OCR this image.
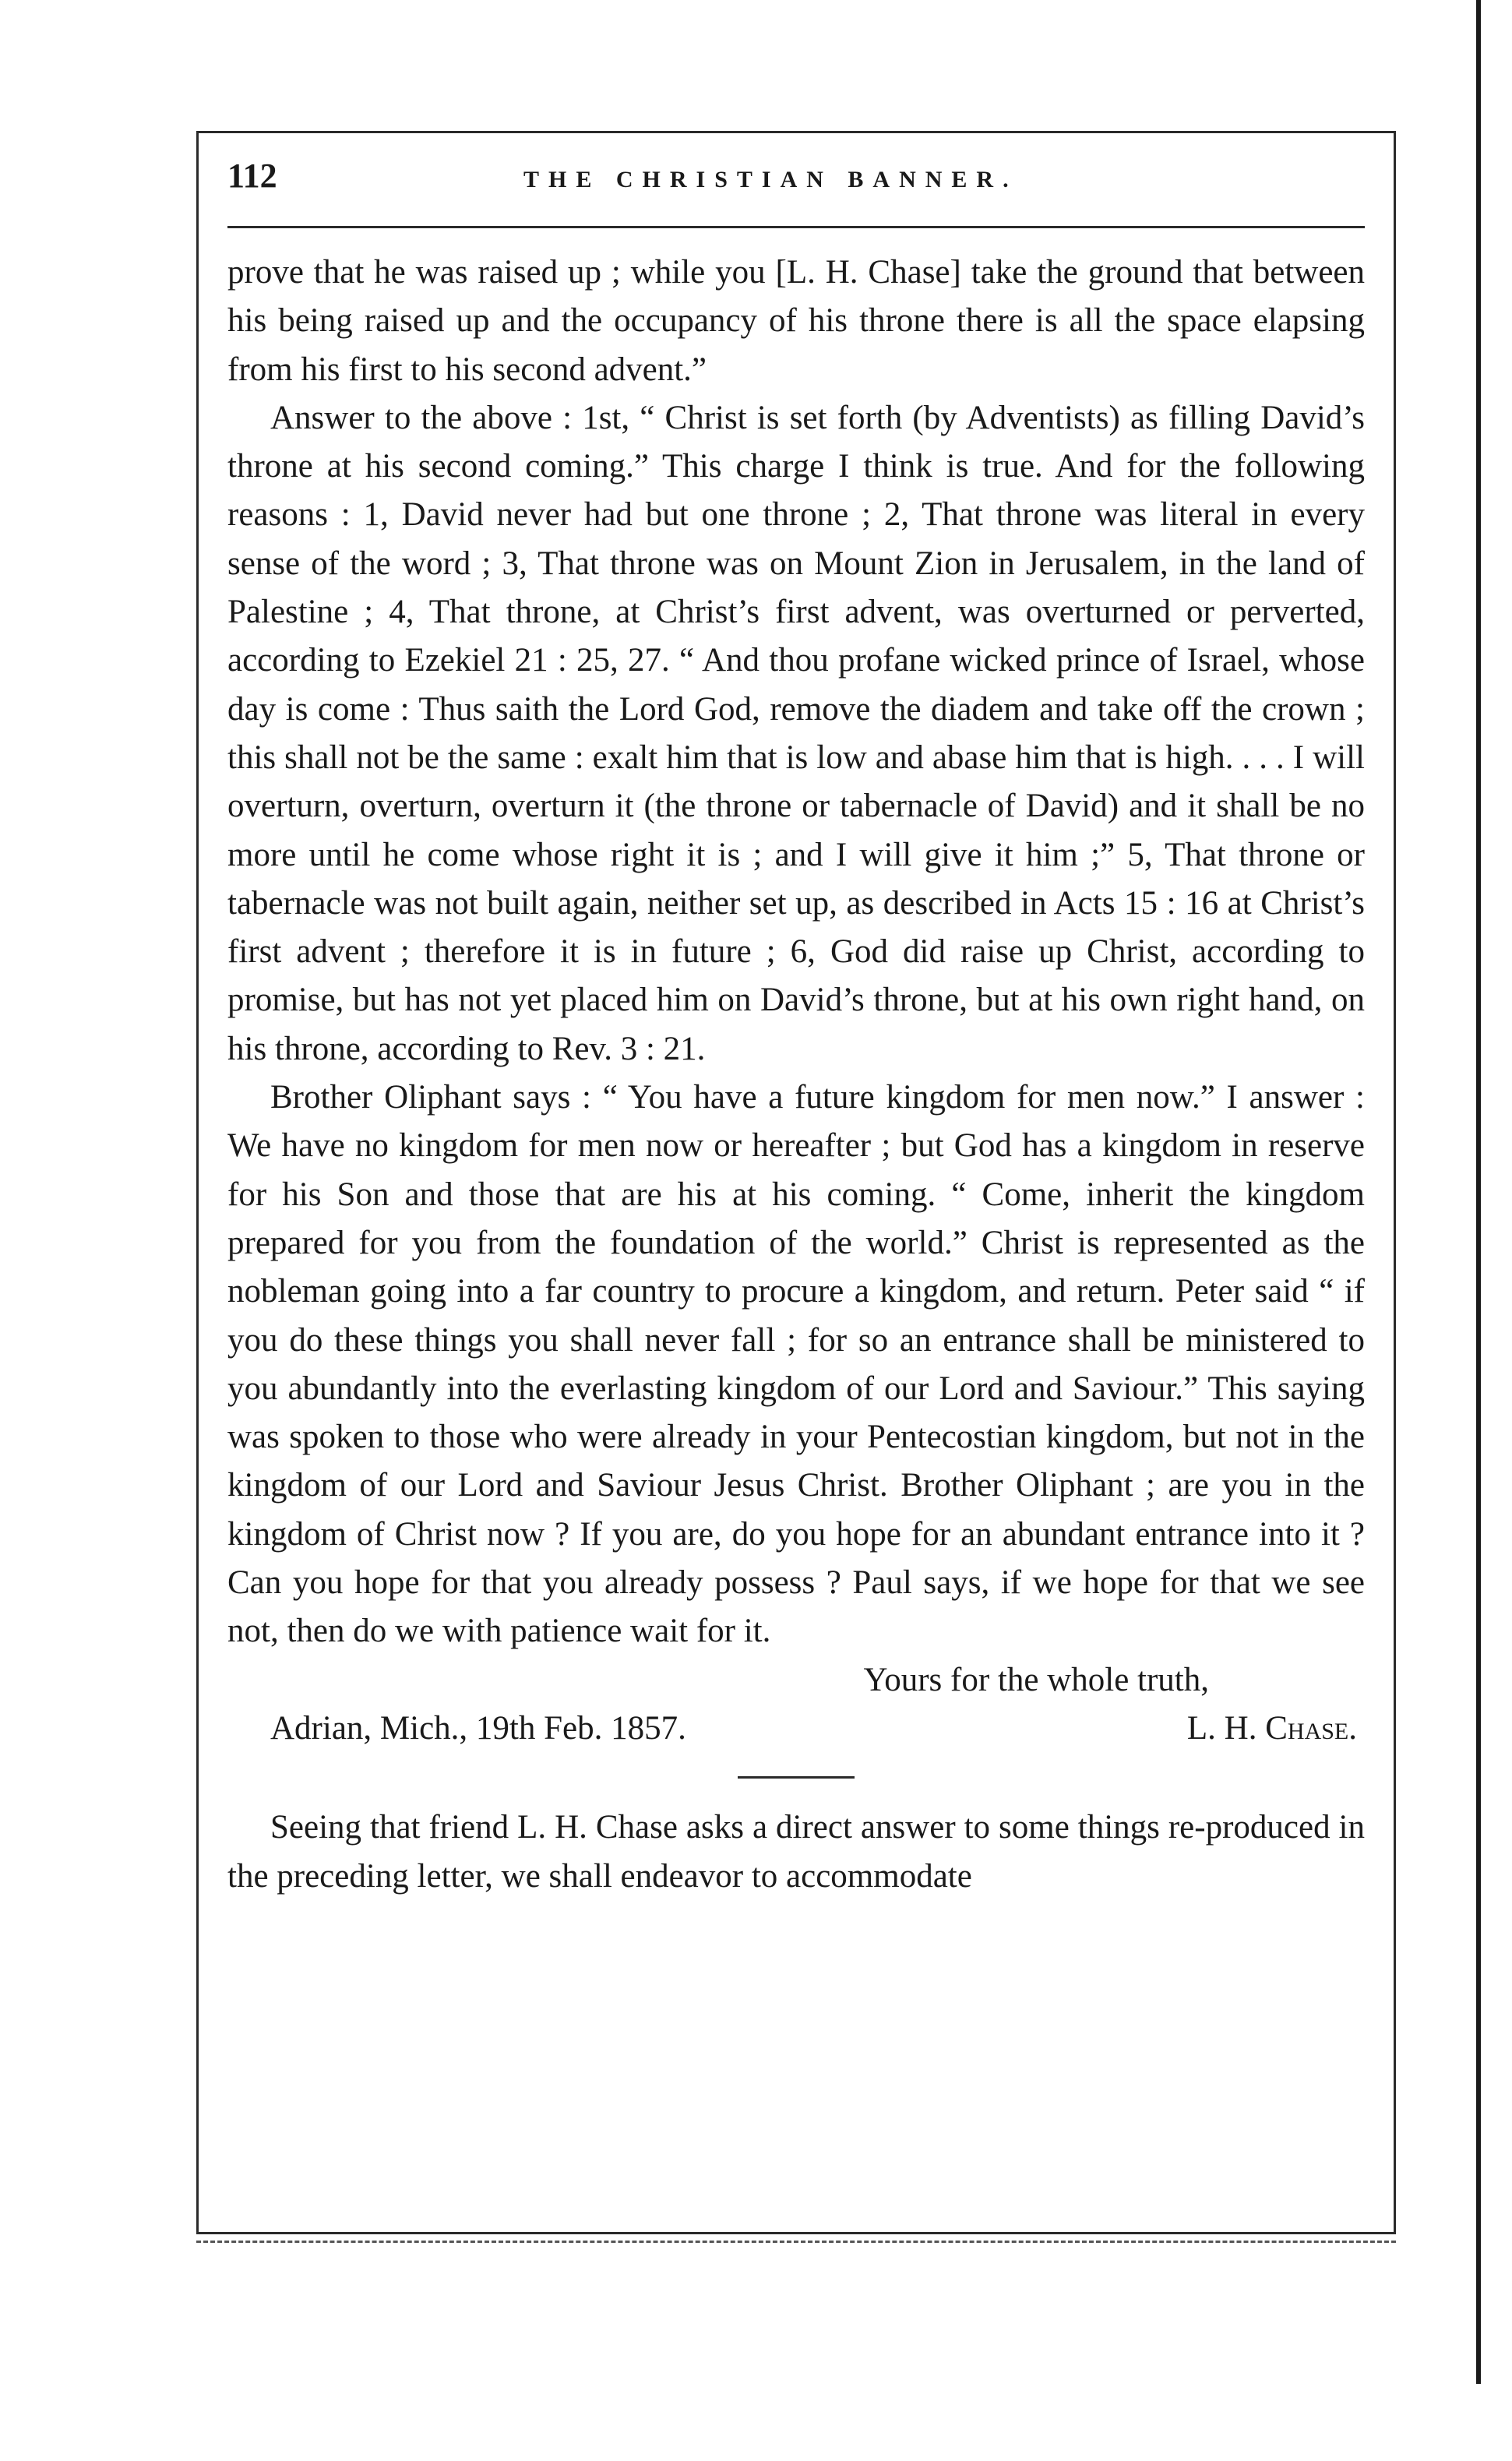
112	THE CHRISTIAN BANNER.

prove that he was raised up ; while you [L. H. Chase] take the ground that between his being raised up and the occupancy of his throne there is all the space elapsing from his first to his second advent.”

Answer to the above : 1st, “ Christ is set forth (by Adventists) as filling David’s throne at his second coming.” This charge I think is true. And for the following reasons : 1, David never had but one throne ; 2, That throne was literal in every sense of the word ; 3, That throne was on Mount Zion in Jerusalem, in the land of Palestine ; 4, That throne, at Christ’s first advent, was overturned or perverted, according to Ezekiel 21 : 25, 27. “ And thou profane wicked prince of Israel, whose day is come : Thus saith the Lord God, remove the diadem and take off the crown ; this shall not be the same : exalt him that is low and abase him that is high. . . . I will overturn, overturn, overturn it (the throne or tabernacle of David) and it shall be no more until he come whose right it is ; and I will give it him ;” 5, That throne or tabernacle was not built again, neither set up, as described in Acts 15 : 16 at Christ’s first advent ; therefore it is in future ; 6, God did raise up Christ, according to promise, but has not yet placed him on David’s throne, but at his own right hand, on his throne, according to Rev. 3 : 21.

Brother Oliphant says : “ You have a future kingdom for men now.” I answer : We have no kingdom for men now or hereafter ; but God has a kingdom in reserve for his Son and those that are his at his coming. “ Come, inherit the kingdom prepared for you from the foundation of the world.” Christ is represented as the nobleman going into a far country to procure a kingdom, and return. Peter said “ if you do these things you shall never fall ; for so an entrance shall be ministered to you abundantly into the everlasting kingdom of our Lord and Saviour.” This saying was spoken to those who were already in your Pentecostian kingdom, but not in the kingdom of our Lord and Saviour Jesus Christ. Brother Oliphant ; are you in the kingdom of Christ now ? If you are, do you hope for an abundant entrance into it ? Can you hope for that you already possess ? Paul says, if we hope for that we see not, then do we with patience wait for it.

Yours for the whole truth,

Adrian, Mich., 19th Feb. 1857.	L. H. Chase.

Seeing that friend L. H. Chase asks a direct answer to some things re-produced in the preceding letter, we shall endeavor to accommodate
